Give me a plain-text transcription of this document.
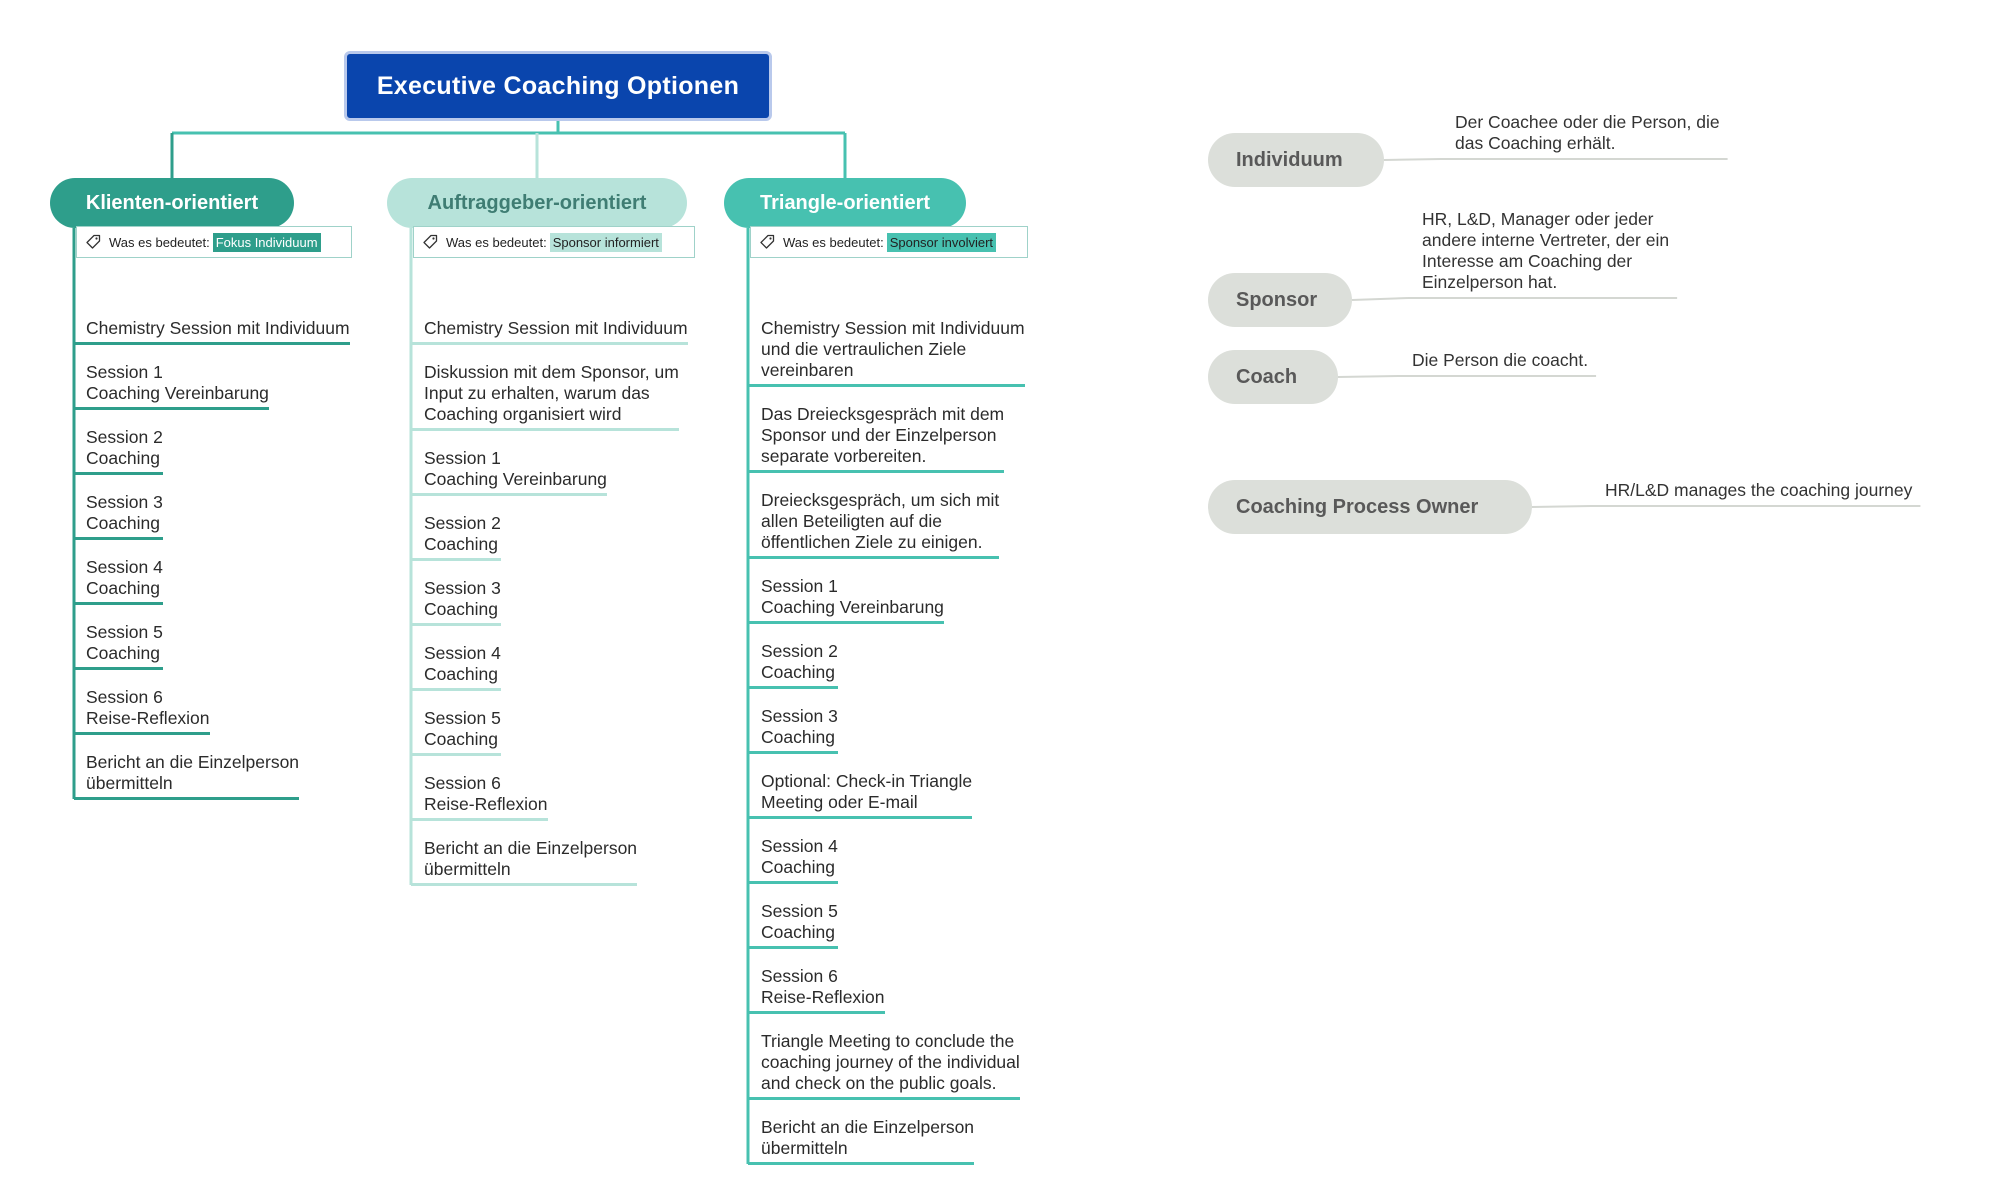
Executive Coaching Optionen
Klienten-orientiert	Auftraggeber-orientiert	Triangle-orientiert
Was es bedeutet: Fokus Individuum	Was es bedeutet: Sponsor informiert	Was es bedeutet: Sponsor involviert
Chemistry Session mit Individuum
Session 1
Coaching Vereinbarung
Session 2
Coaching
Session 3
Coaching
Session 4
Coaching
Session 5
Coaching
Session 6
Reise-Reflexion
Bericht an die Einzelperson
übermitteln
Chemistry Session mit Individuum
Diskussion mit dem Sponsor, um
Input zu erhalten, warum das
Coaching organisiert wird
Session 1
Coaching Vereinbarung
Session 2
Coaching
Session 3
Coaching
Session 4
Coaching
Session 5
Coaching
Session 6
Reise-Reflexion
Bericht an die Einzelperson
übermitteln
Chemistry Session mit Individuum
und die vertraulichen Ziele
vereinbaren
Das Dreiecksgespräch mit dem
Sponsor und der Einzelperson
separate vorbereiten.
Dreiecksgespräch, um sich mit
allen Beteiligten auf die
öffentlichen Ziele zu einigen.
Session 1
Coaching Vereinbarung
Session 2
Coaching
Session 3
Coaching
Optional: Check-in Triangle
Meeting oder E-mail
Session 4
Coaching
Session 5
Coaching
Session 6
Reise-Reflexion
Triangle Meeting to conclude the
coaching journey of the individual
and check on the public goals.
Bericht an die Einzelperson
übermitteln
Individuum
Der Coachee oder die Person, die
das Coaching erhält.
Sponsor
HR, L&D, Manager oder jeder
andere interne Vertreter, der ein
Interesse am Coaching der
Einzelperson hat.
Coach
Die Person die coacht.
Coaching Process Owner
HR/L&D manages the coaching journey
